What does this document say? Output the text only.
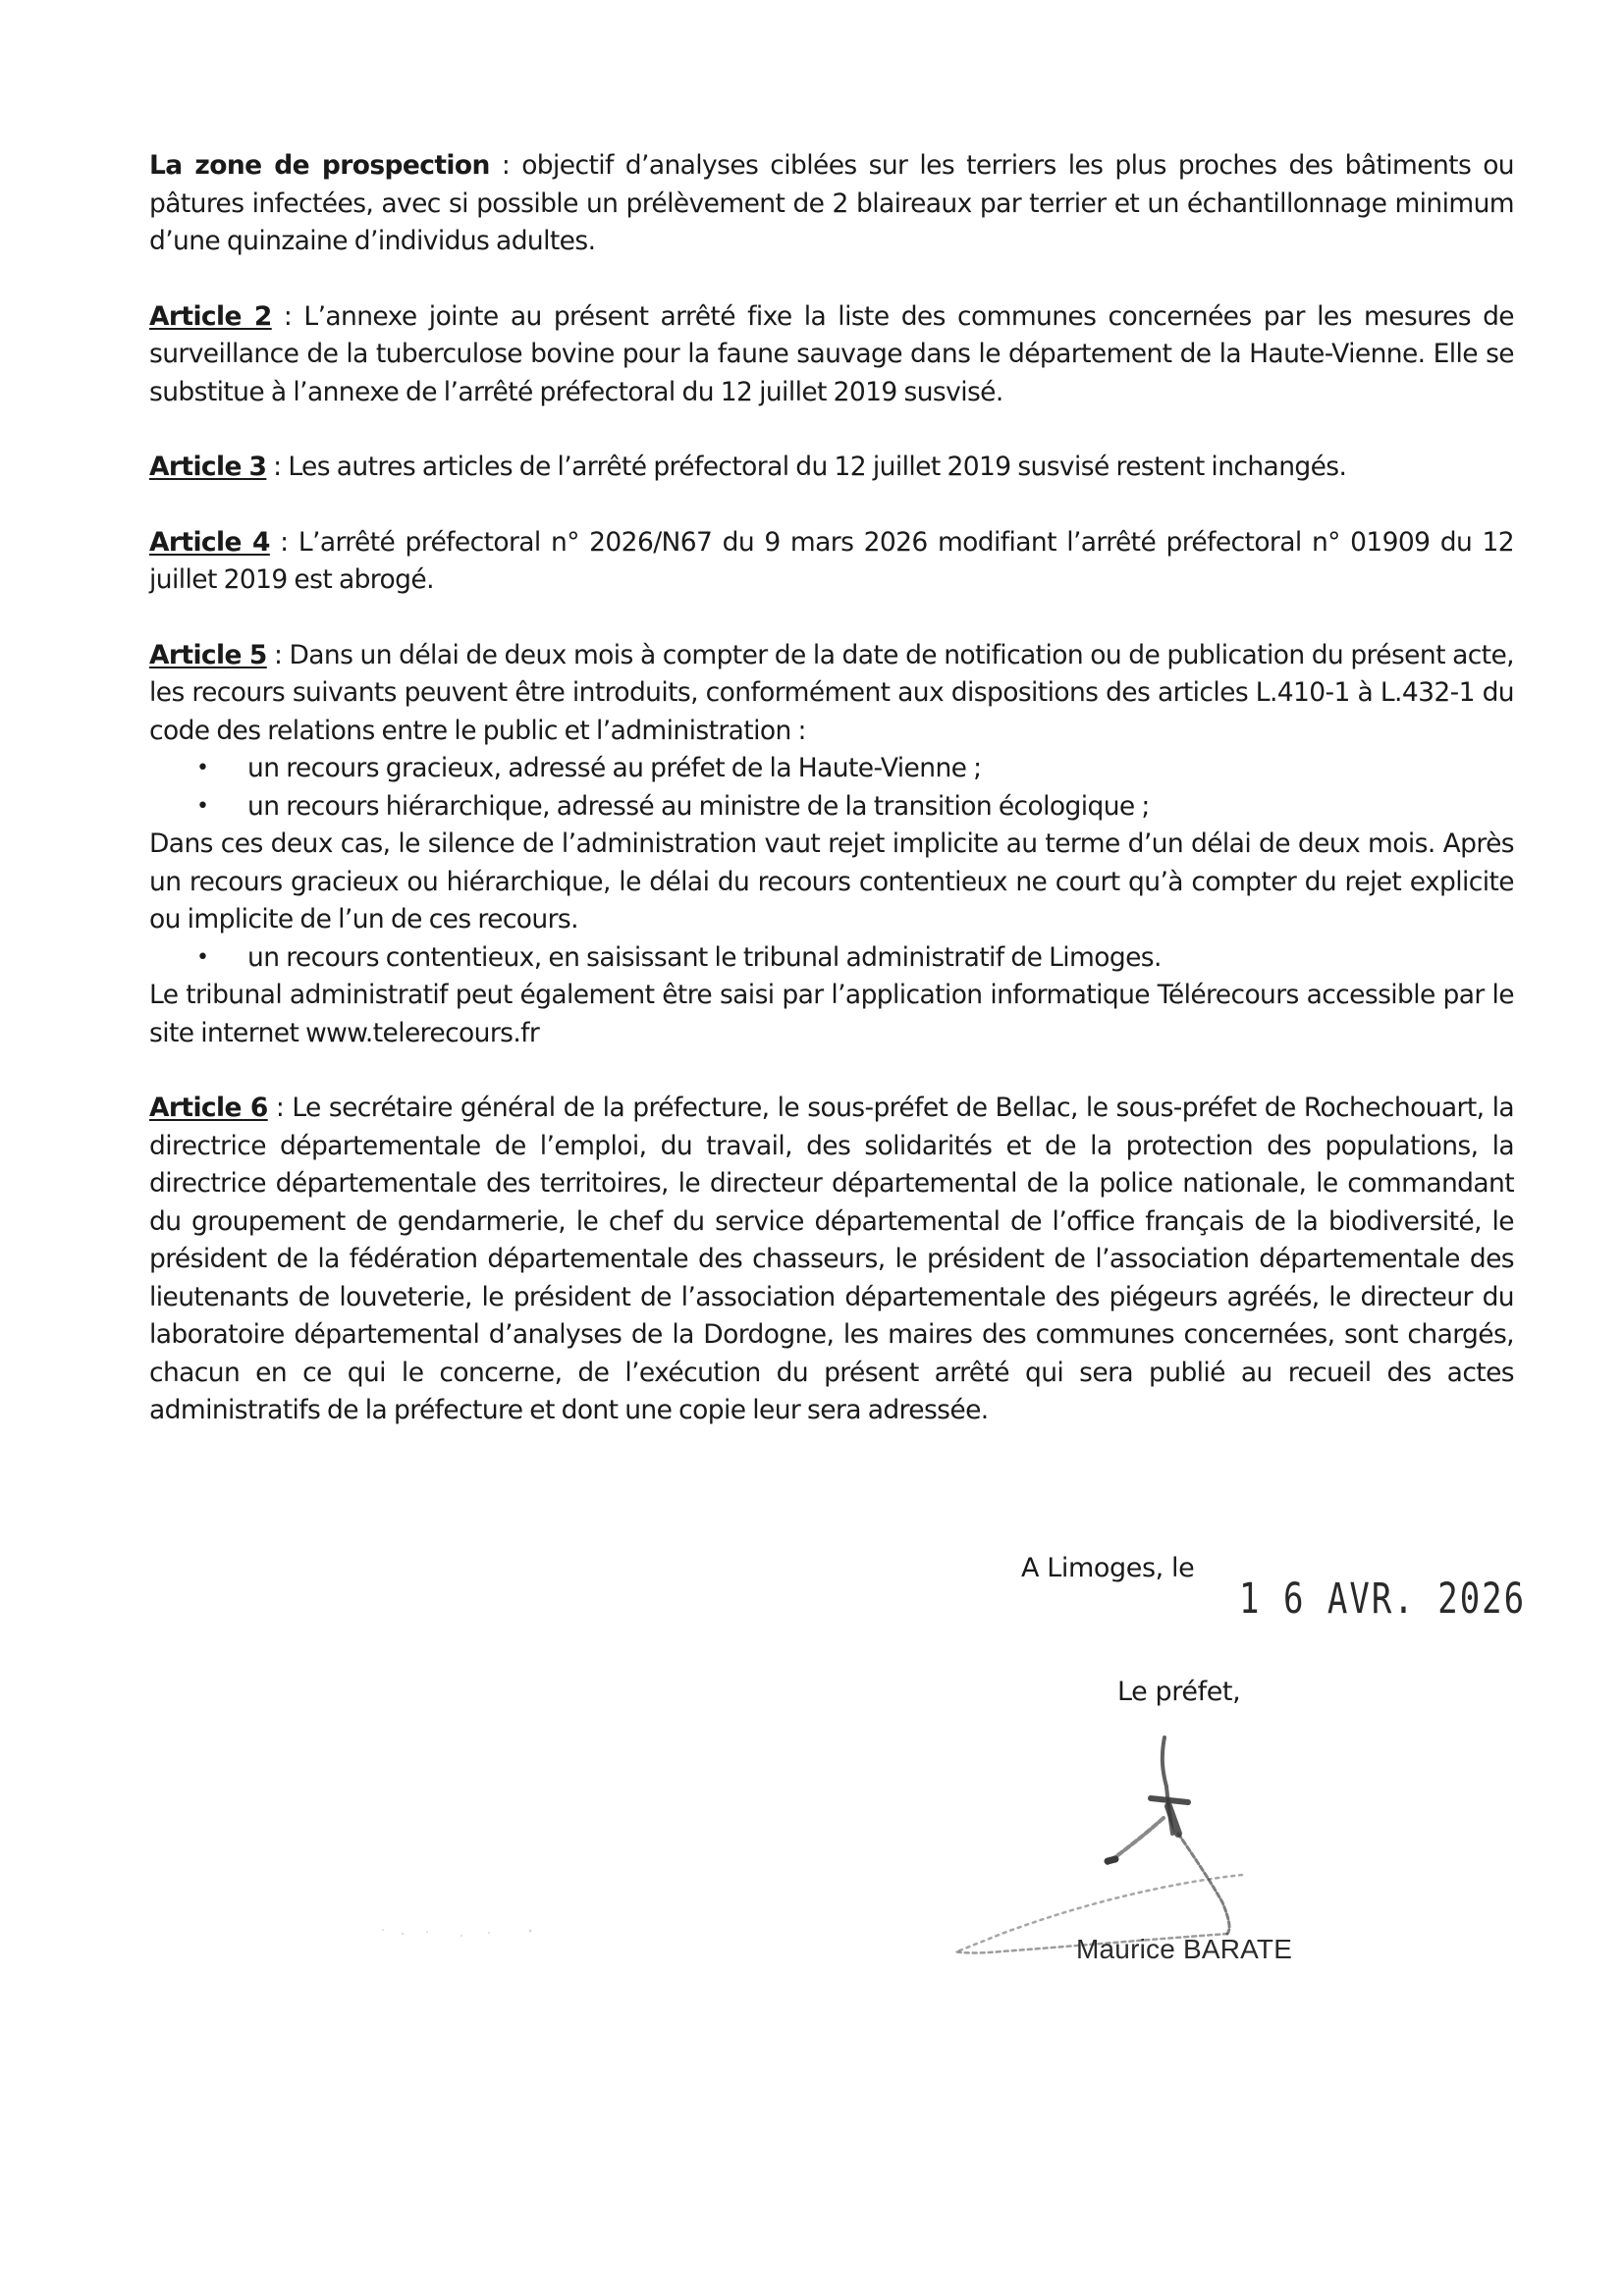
La zone de prospection : objectif d’analyses ciblées sur les terriers les plus proches des bâtiments ou pâtures infectées, avec si possible un prélèvement de 2 blaireaux par terrier et un échantillonnage minimum d’une quinzaine d’individus adultes.

Article 2 : L’annexe jointe au présent arrêté fixe la liste des communes concernées par les mesures de surveillance de la tuberculose bovine pour la faune sauvage dans le département de la Haute-Vienne. Elle se substitue à l’annexe de l’arrêté préfectoral du 12 juillet 2019 susvisé.

Article 3 : Les autres articles de l’arrêté préfectoral du 12 juillet 2019 susvisé restent inchangés.

Article 4 : L’arrêté préfectoral n° 2026/N67 du 9 mars 2026 modifiant l’arrêté préfectoral n° 01909 du 12 juillet 2019 est abrogé.

Article 5 : Dans un délai de deux mois à compter de la date de notification ou de publication du présent acte, les recours suivants peuvent être introduits, conformément aux dispositions des articles L.410-1 à L.432-1 du code des relations entre le public et l’administration :

• un recours gracieux, adressé au préfet de la Haute-Vienne ;
• un recours hiérarchique, adressé au ministre de la transition écologique ;

Dans ces deux cas, le silence de l’administration vaut rejet implicite au terme d’un délai de deux mois. Après un recours gracieux ou hiérarchique, le délai du recours contentieux ne court qu’à compter du rejet explicite ou implicite de l’un de ces recours.

• un recours contentieux, en saisissant le tribunal administratif de Limoges.

Le tribunal administratif peut également être saisi par l’application informatique Télérecours accessible par le site internet www.telerecours.fr

Article 6 : Le secrétaire général de la préfecture, le sous-préfet de Bellac, le sous-préfet de Rochechouart, la directrice départementale de l’emploi, du travail, des solidarités et de la protection des populations, la directrice départementale des territoires, le directeur départemental de la police nationale, le commandant du groupement de gendarmerie, le chef du service départemental de l’office français de la biodiversité, le président de la fédération départementale des chasseurs, le président de l’association départementale des lieutenants de louveterie, le président de l’association départementale des piégeurs agréés, le directeur du laboratoire départemental d’analyses de la Dordogne, les maires des communes concernées, sont chargés, chacun en ce qui le concerne, de l’exécution du présent arrêté qui sera publié au recueil des actes administratifs de la préfecture et dont une copie leur sera adressée.

A Limoges, le
1 6 AVR. 2026
Le préfet,
Maurice BARATE
